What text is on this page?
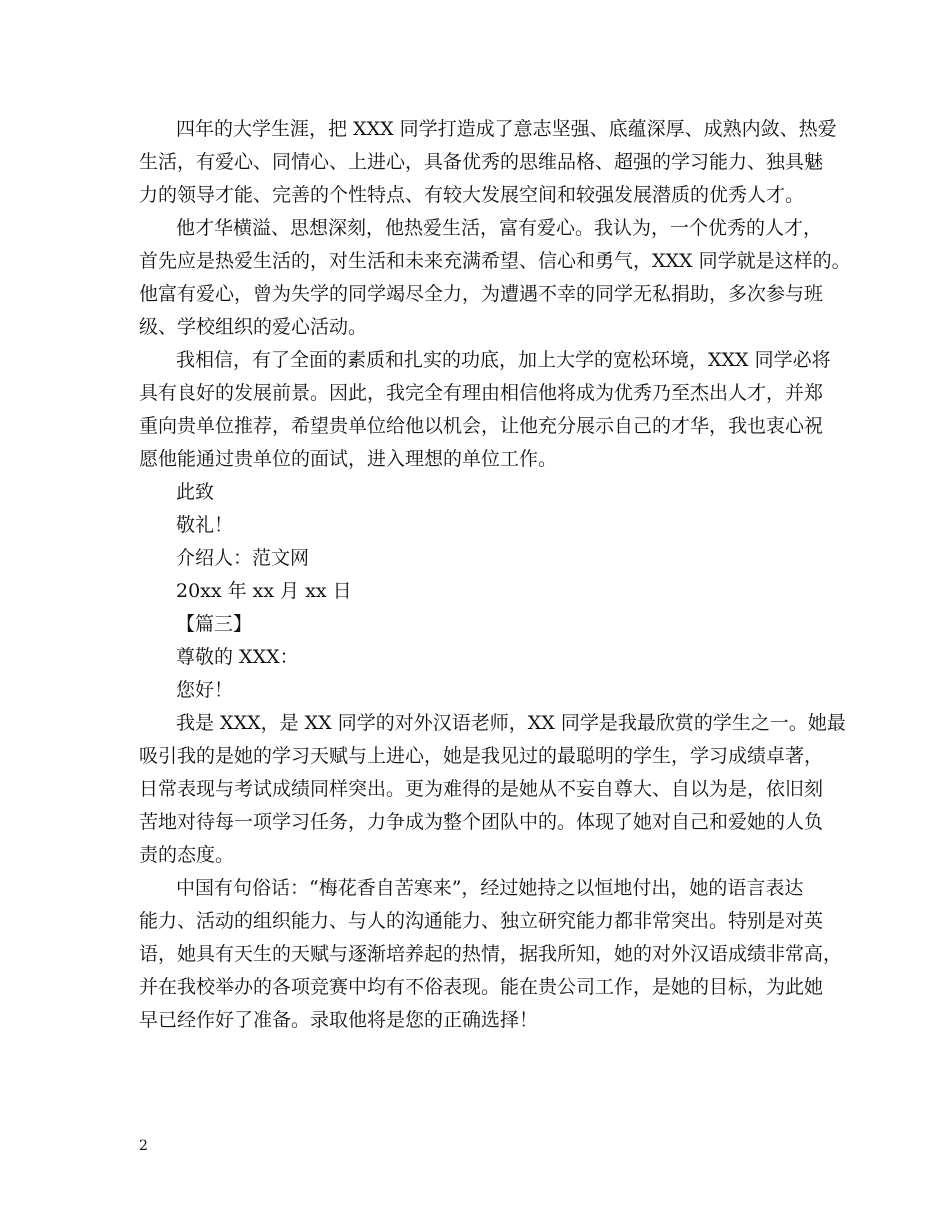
四年的大学生涯，把 XXX 同学打造成了意志坚强、底蕴深厚、成熟内敛、热爱
生活，有爱心、同情心、上进心，具备优秀的思维品格、超强的学习能力、独具魅
力的领导才能、完善的个性特点、有较大发展空间和较强发展潜质的优秀人才。
他才华横溢、思想深刻，他热爱生活，富有爱心。我认为，一个优秀的人才，
首先应是热爱生活的，对生活和未来充满希望、信心和勇气，XXX 同学就是这样的。
他富有爱心，曾为失学的同学竭尽全力，为遭遇不幸的同学无私捐助，多次参与班
级、学校组织的爱心活动。
我相信，有了全面的素质和扎实的功底，加上大学的宽松环境，XXX 同学必将
具有良好的发展前景。因此，我完全有理由相信他将成为优秀乃至杰出人才，并郑
重向贵单位推荐，希望贵单位给他以机会，让他充分展示自己的才华，我也衷心祝
愿他能通过贵单位的面试，进入理想的单位工作。
此致
敬礼！
介绍人：范文网
20xx 年 xx 月 xx 日
【篇三】
尊敬的 XXX：
您好！
我是 XXX，是 XX 同学的对外汉语老师，XX 同学是我最欣赏的学生之一。她最
吸引我的是她的学习天赋与上进心，她是我见过的最聪明的学生，学习成绩卓著，
日常表现与考试成绩同样突出。更为难得的是她从不妄自尊大、自以为是，依旧刻
苦地对待每一项学习任务，力争成为整个团队中的。体现了她对自己和爱她的人负
责的态度。
中国有句俗话：“梅花香自苦寒来”，经过她持之以恒地付出，她的语言表达
能力、活动的组织能力、与人的沟通能力、独立研究能力都非常突出。特别是对英
语，她具有天生的天赋与逐渐培养起的热情，据我所知，她的对外汉语成绩非常高，
并在我校举办的各项竞赛中均有不俗表现。能在贵公司工作，是她的目标，为此她
早已经作好了准备。录取他将是您的正确选择！
2
